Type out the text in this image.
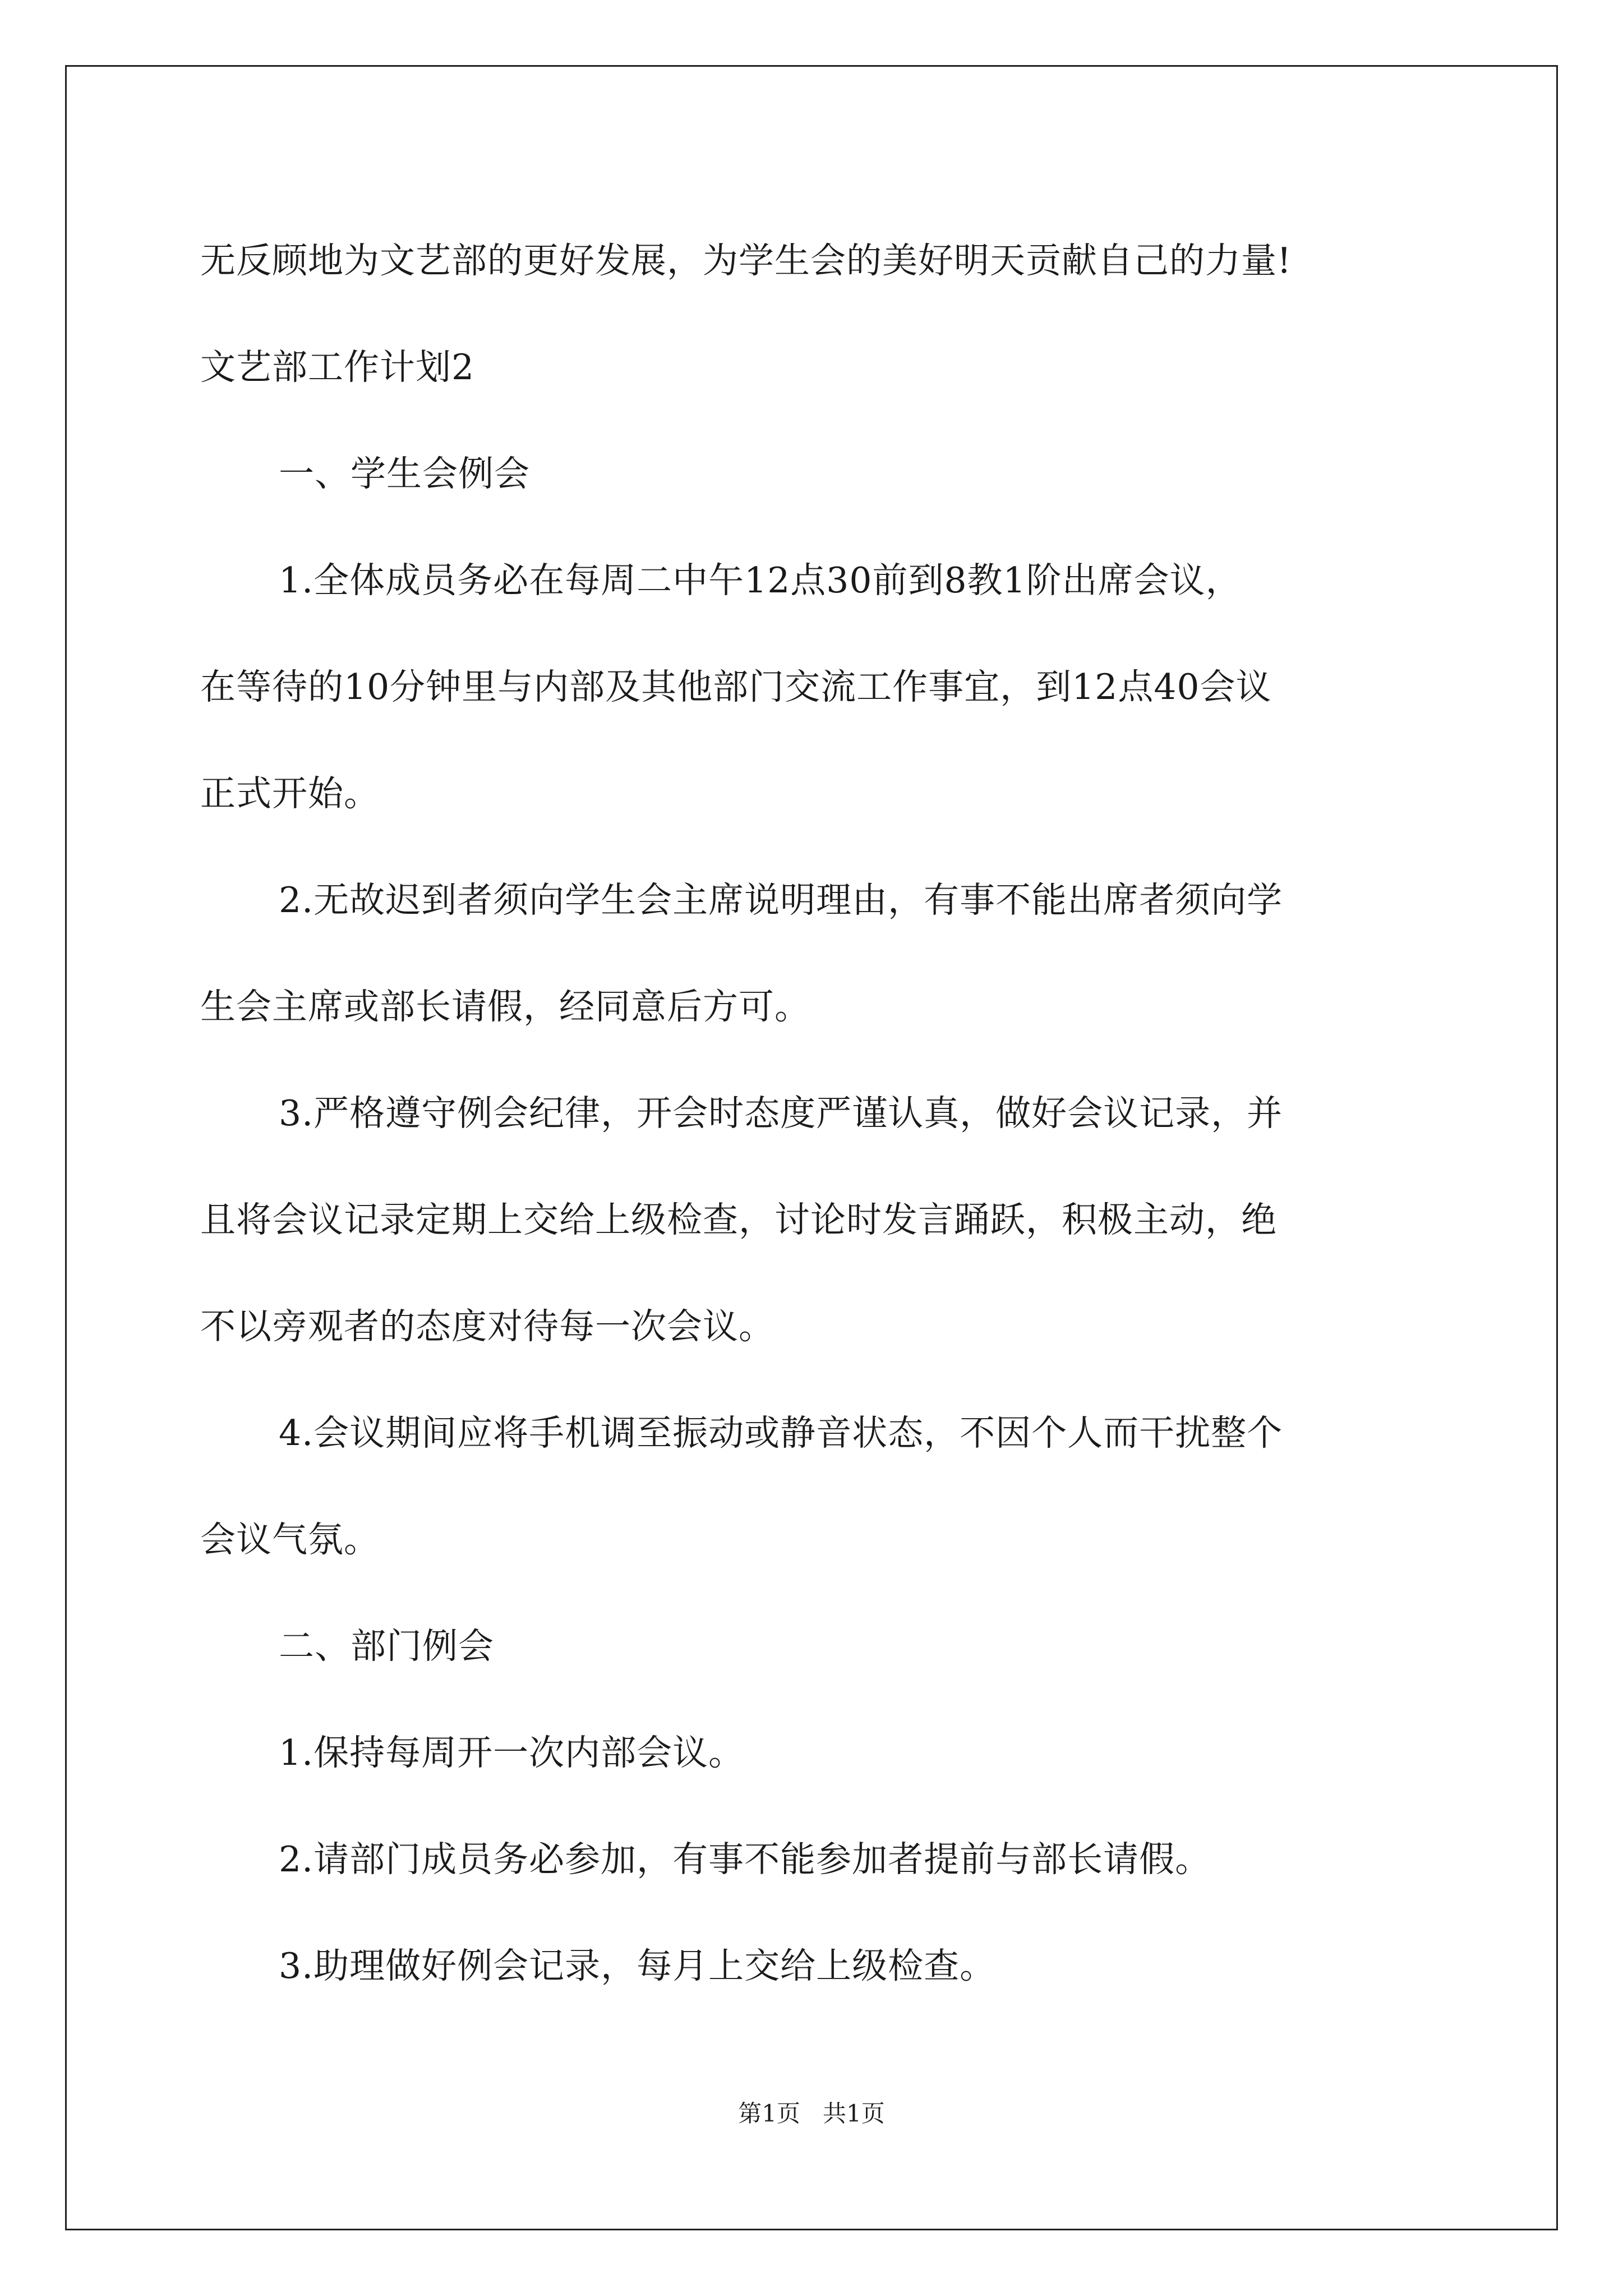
无反顾地为文艺部的更好发展，为学生会的美好明天贡献自己的力量!
文艺部工作计划2
一、学生会例会
1.全体成员务必在每周二中午12点30前到8教1阶出席会议，
在等待的10分钟里与内部及其他部门交流工作事宜，到12点40会议
正式开始。
2.无故迟到者须向学生会主席说明理由，有事不能出席者须向学
生会主席或部长请假，经同意后方可。
3.严格遵守例会纪律，开会时态度严谨认真，做好会议记录，并
且将会议记录定期上交给上级检查，讨论时发言踊跃，积极主动，绝
不以旁观者的态度对待每一次会议。
4.会议期间应将手机调至振动或静音状态，不因个人而干扰整个
会议气氛。
二、部门例会
1.保持每周开一次内部会议。
2.请部门成员务必参加，有事不能参加者提前与部长请假。
3.助理做好例会记录，每月上交给上级检查。
第1页   共1页
